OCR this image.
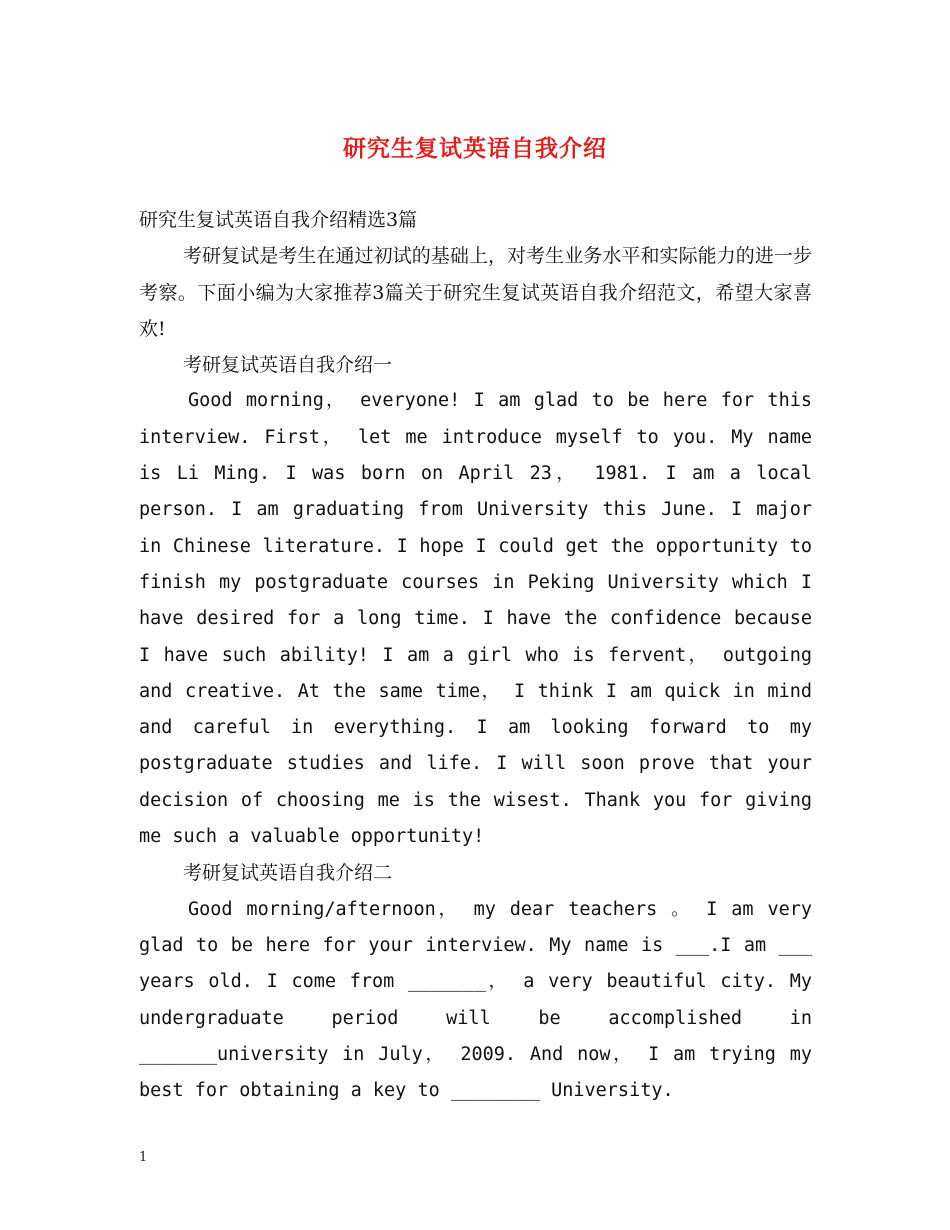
研究生复试英语自我介绍

研究生复试英语自我介绍精选3篇

考研复试是考生在通过初试的基础上，对考生业务水平和实际能力的进一步考察。下面小编为大家推荐3篇关于研究生复试英语自我介绍范文，希望大家喜欢!

考研复试英语自我介绍一

Good morning， everyone! I am glad to be here for this interview. First， let me introduce myself to you. My name is Li Ming. I was born on April 23， 1981. I am a local person. I am graduating from University this June. I major in Chinese literature. I hope I could get the opportunity to finish my postgraduate courses in Peking University which I have desired for a long time. I have the confidence because I have such ability! I am a girl who is fervent， outgoing and creative. At the same time， I think I am quick in mind and careful in everything. I am looking forward to my postgraduate studies and life. I will soon prove that your decision of choosing me is the wisest. Thank you for giving me such a valuable opportunity!

考研复试英语自我介绍二

Good morning/afternoon， my dear teachers 。 I am very glad to be here for your interview. My name is ___.I am ___ years old. I come from _______， a very beautiful city. My undergraduate period will be accomplished in _______university in July， 2009. And now， I am trying my best for obtaining a key to ________ University.

1
